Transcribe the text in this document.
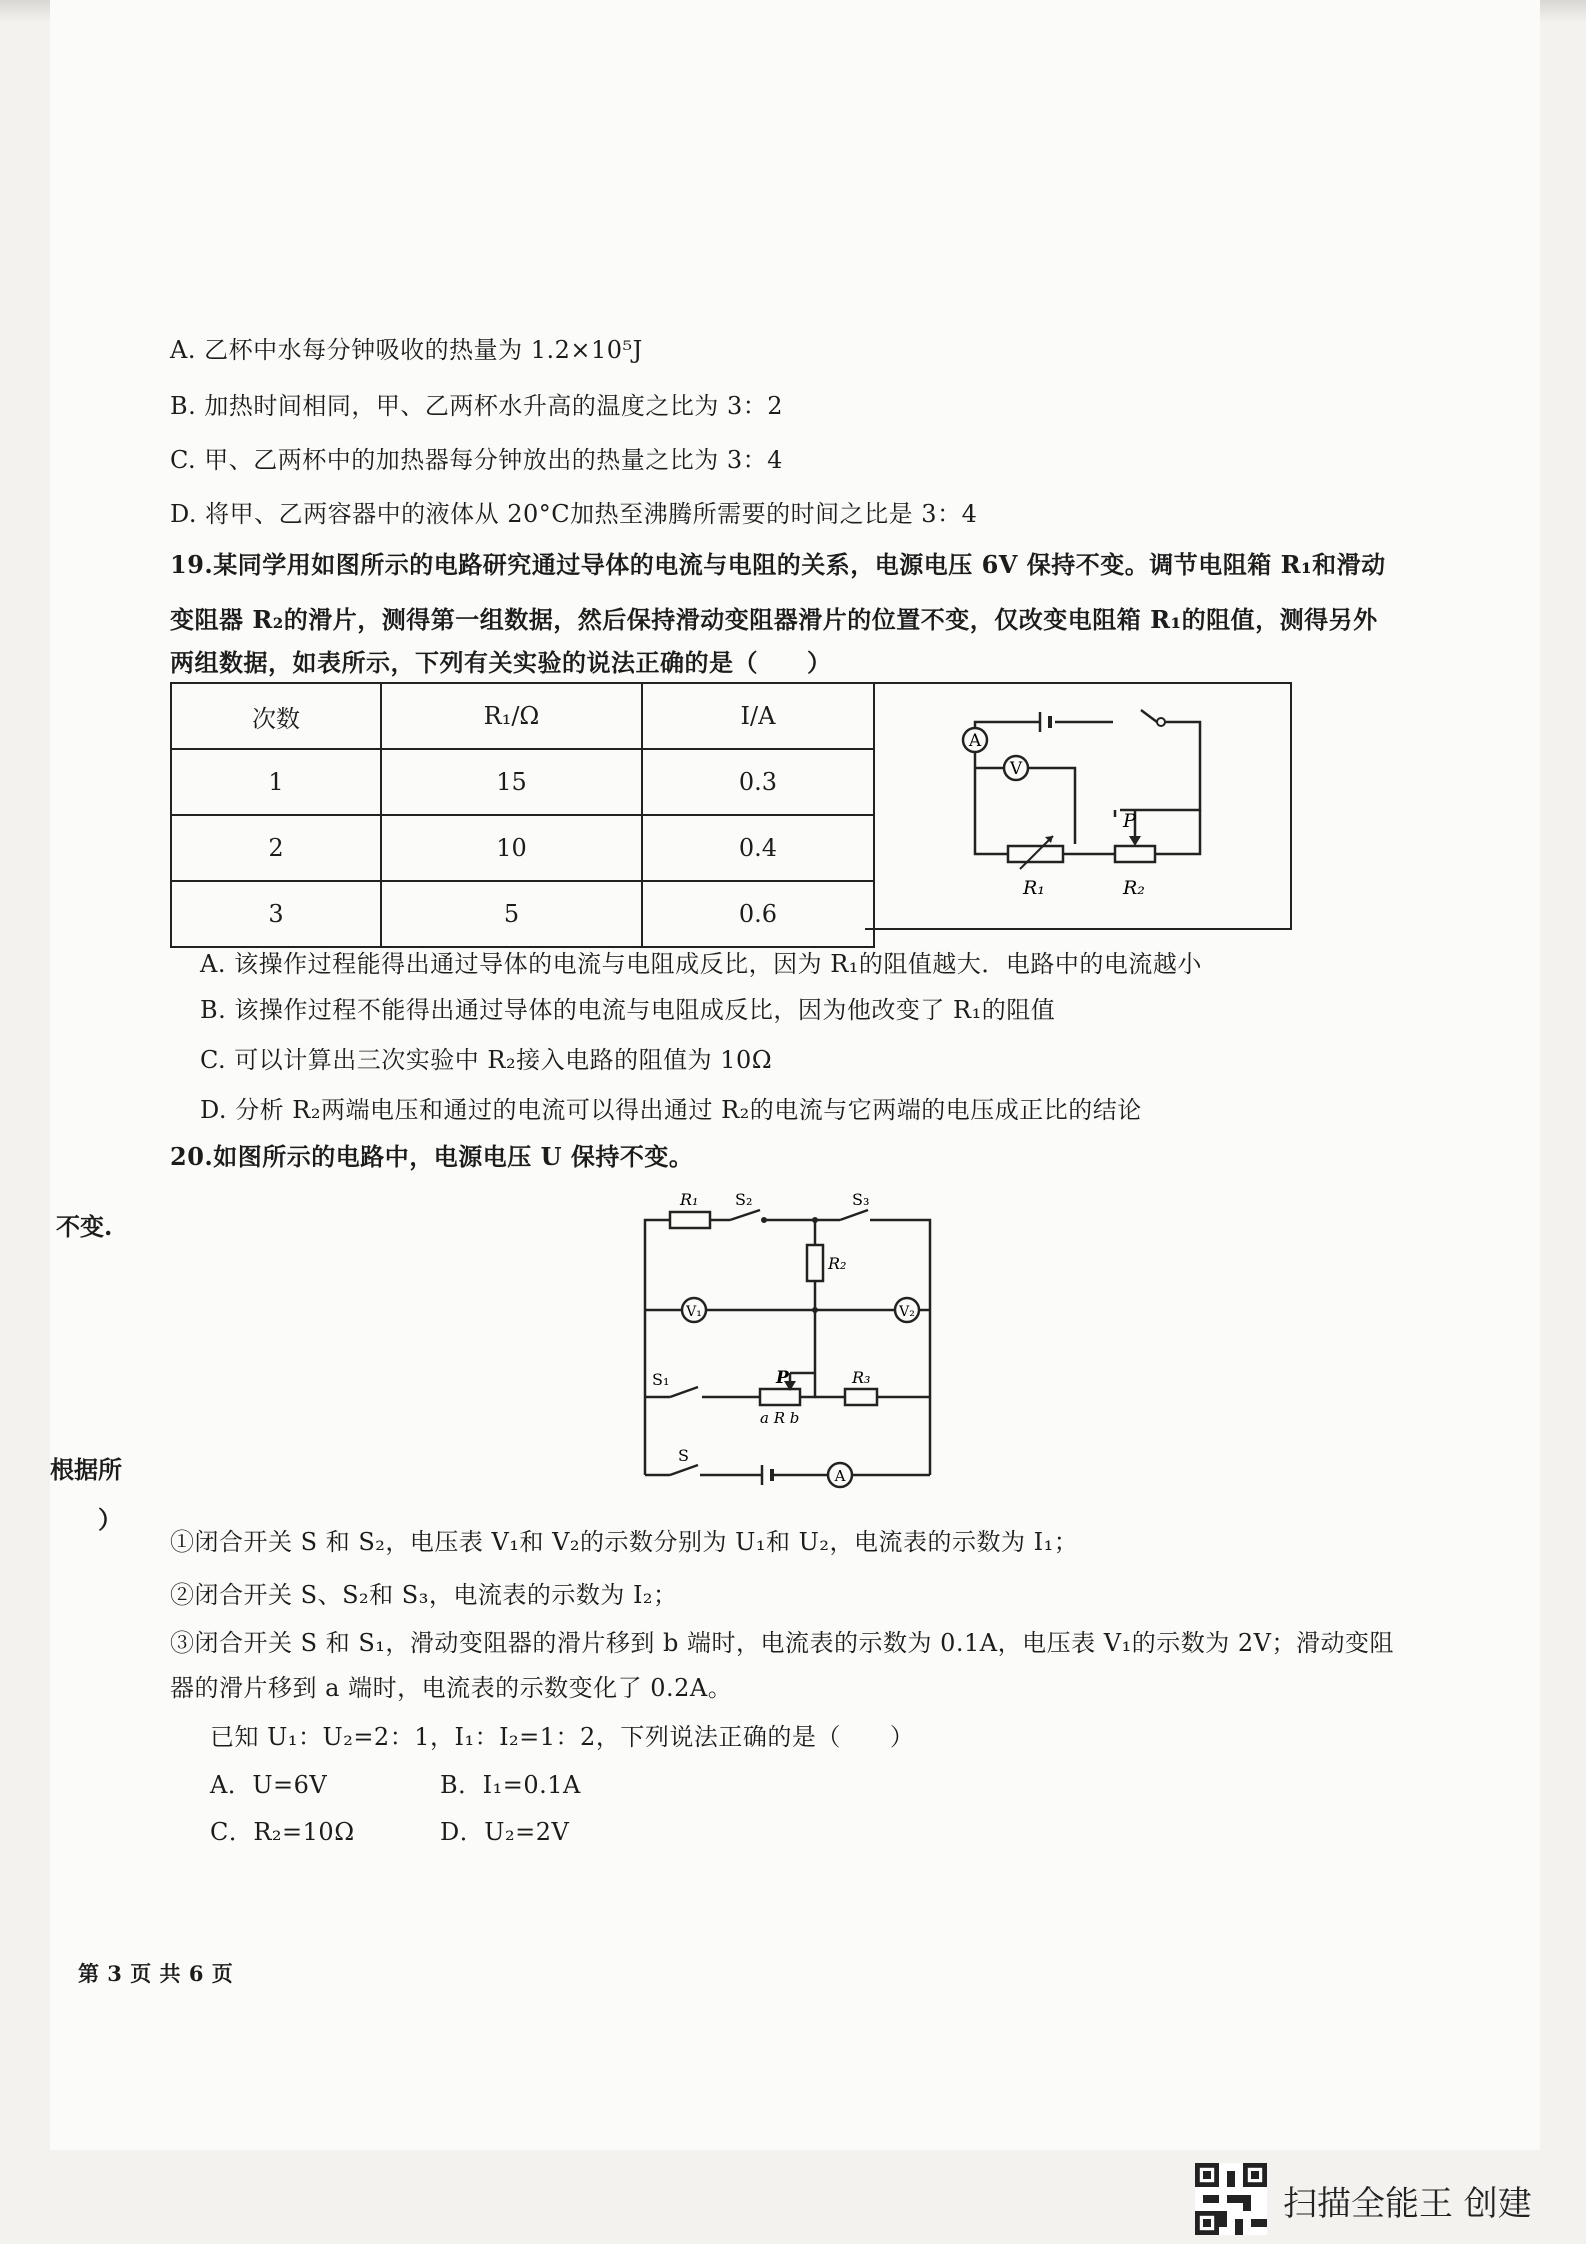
A. 乙杯中水每分钟吸收的热量为 1.2×10⁵J
B. 加热时间相同，甲、乙两杯水升高的温度之比为 3：2
C. 甲、乙两杯中的加热器每分钟放出的热量之比为 3：4
D. 将甲、乙两容器中的液体从 20°C加热至沸腾所需要的时间之比是 3：4
19.某同学用如图所示的电路研究通过导体的电流与电阻的关系，电源电压 6V 保持不变。调节电阻箱 R₁和滑动
变阻器 R₂的滑片，测得第一组数据，然后保持滑动变阻器滑片的位置不变，仅改变电阻箱 R₁的阻值，测得另外
两组数据，如表所示，下列有关实验的说法正确的是（　　）
次数	R₁/Ω	I/A
1	15	0.3
2	10	0.4
3	5	0.6
A
V
P
R₁	R₂
A. 该操作过程能得出通过导体的电流与电阻成反比，因为 R₁的阻值越大．电路中的电流越小
B. 该操作过程不能得出通过导体的电流与电阻成反比，因为他改变了 R₁的阻值
C. 可以计算出三次实验中 R₂接入电路的阻值为 10Ω
D. 分析 R₂两端电压和通过的电流可以得出通过 R₂的电流与它两端的电压成正比的结论
20.如图所示的电路中，电源电压 U 保持不变。
不变.
根据所
）
R₁ S₂	S₃
R₂
V₁	V₂
S₁	P
a R b
R₃
S
A
①闭合开关 S 和 S₂，电压表 V₁和 V₂的示数分别为 U₁和 U₂，电流表的示数为 I₁；
②闭合开关 S、S₂和 S₃，电流表的示数为 I₂；
③闭合开关 S 和 S₁，滑动变阻器的滑片移到 b 端时，电流表的示数为 0.1A，电压表 V₁的示数为 2V；滑动变阻
器的滑片移到 a 端时，电流表的示数变化了 0.2A。
已知 U₁：U₂=2：1，I₁：I₂=1：2，下列说法正确的是（　　）
A．U=6V	B．I₁=0.1A
C．R₂=10Ω	D．U₂=2V
第 3 页 共 6 页
扫描全能王 创建
